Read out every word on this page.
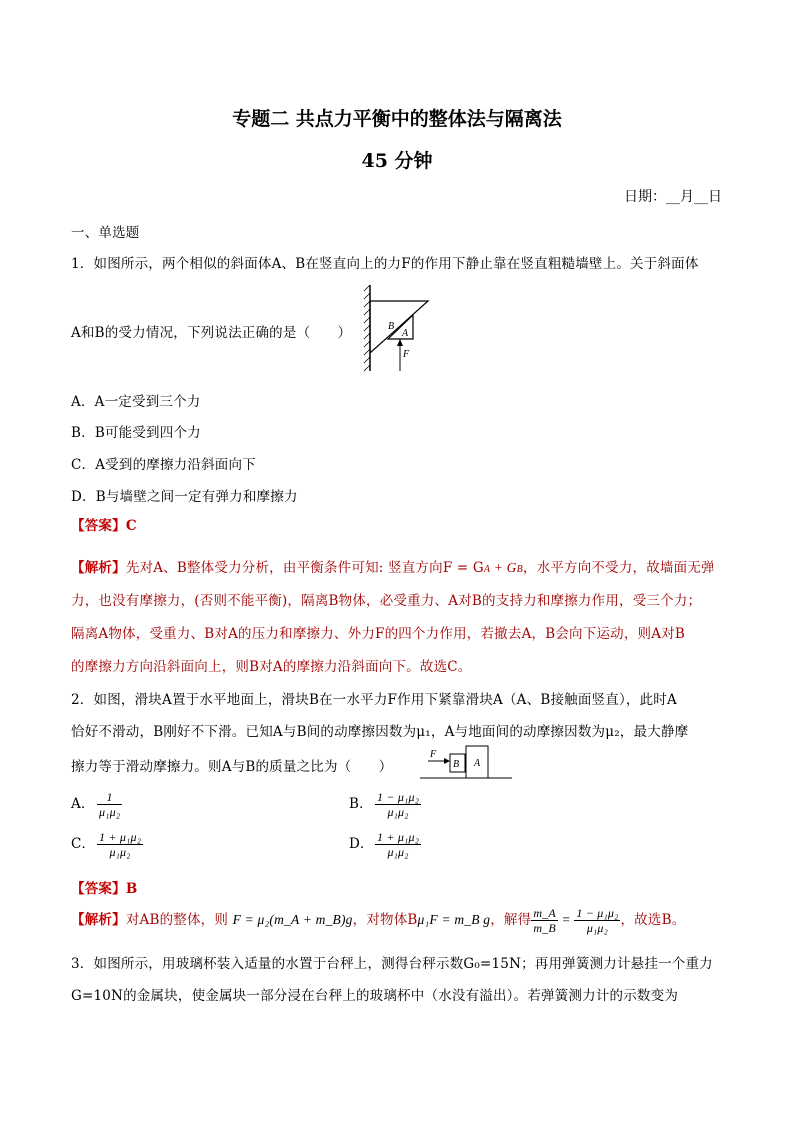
专题二 共点力平衡中的整体法与隔离法
45 分钟
日期：__月__日
一、单选题
1．如图所示，两个相似的斜面体A、B在竖直向上的力F的作用下静止靠在竖直粗糙墙壁上。关于斜面体
A和B的受力情况，下列说法正确的是（　　）	B
A
F
A．A一定受到三个力
B．B可能受到四个力
C．A受到的摩擦力沿斜面向下
D．B与墙壁之间一定有弹力和摩擦力
【答案】C
【解析】先对A、B整体受力分析，由平衡条件可知: 竖直方向F = GA + GB，水平方向不受力，故墙面无弹
力，也没有摩擦力，(否则不能平衡)，隔离B物体，必受重力、A对B的支持力和摩擦力作用，受三个力；
隔离A物体，受重力、B对A的压力和摩擦力、外力F的四个力作用，若撤去A，B会向下运动，则A对B
的摩擦力方向沿斜面向上，则B对A的摩擦力沿斜面向下。故选C。
2．如图，滑块A置于水平地面上，滑块B在一水平力F作用下紧靠滑块A（A、B接触面竖直），此时A
恰好不滑动，B刚好不下滑。已知A与B间的动摩擦因数为μ₁，A与地面间的动摩擦因数为μ₂，最大静摩
擦力等于滑动摩擦力。则A与B的质量之比为（　　）
F
B A
A． $\frac{1}{\text{μ₁μ₂}}$	B． $\frac{\text{1 − μ₁μ₂}}{\text{μ₁μ₂}}$
C． $\frac{\text{1 + μ₁μ₂}}{\text{μ₁μ₂}}$	D． $\frac{\text{1 + μ₁μ₂}}{\text{μ₁μ₂}}$
【答案】B
【解析】对AB的整体，则 F = μ₂(m_A + m_B)g，对物体Bμ₁F = m_B g，解得 $\frac{m\_A}{m\_B} = \frac{\text{1 − μ₁μ₂}}{\text{μ₁μ₂}}$ ，故选B。
3．如图所示，用玻璃杯装入适量的水置于台秤上，测得台秤示数G₀=15N；再用弹簧测力计悬挂一个重力
G=10N的金属块，使金属块一部分浸在台秤上的玻璃杯中（水没有溢出）。若弹簧测力计的示数变为
